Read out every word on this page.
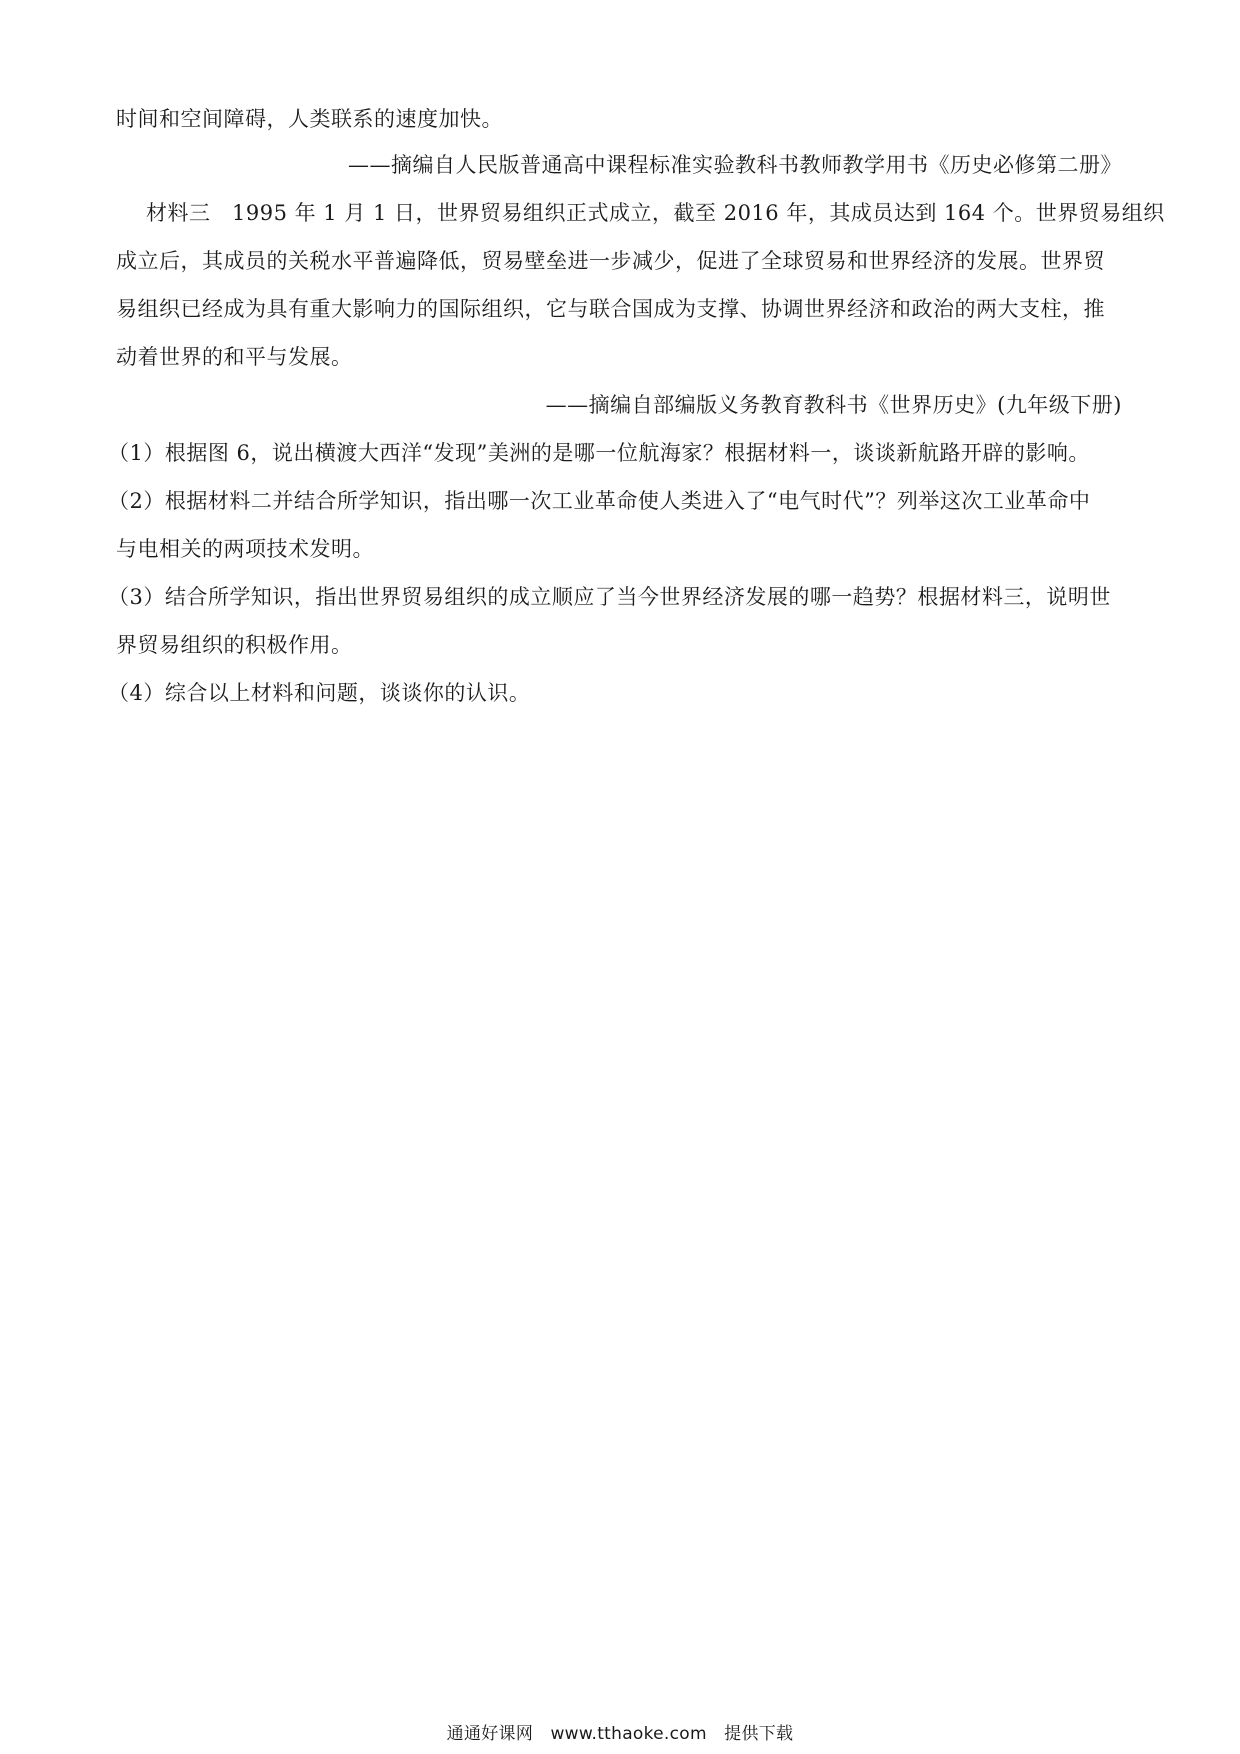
时间和空间障碍，人类联系的速度加快。
——摘编自人民版普通高中课程标准实验教科书教师教学用书《历史必修第二册》
材料三　1995 年 1 月 1 日，世界贸易组织正式成立，截至 2016 年，其成员达到 164 个。世界贸易组织
成立后，其成员的关税水平普遍降低，贸易壁垒进一步减少，促进了全球贸易和世界经济的发展。世界贸
易组织已经成为具有重大影响力的国际组织，它与联合国成为支撑、协调世界经济和政治的两大支柱，推
动着世界的和平与发展。
——摘编自部编版义务教育教科书《世界历史》(九年级下册)
（1）根据图 6，说出横渡大西洋“发现”美洲的是哪一位航海家？根据材料一，谈谈新航路开辟的影响。
（2）根据材料二并结合所学知识，指出哪一次工业革命使人类进入了“电气时代”？列举这次工业革命中
与电相关的两项技术发明。
（3）结合所学知识，指出世界贸易组织的成立顺应了当今世界经济发展的哪一趋势？根据材料三，说明世
界贸易组织的积极作用。
（4）综合以上材料和问题，谈谈你的认识。
通通好课网　www.tthaoke.com　提供下载
